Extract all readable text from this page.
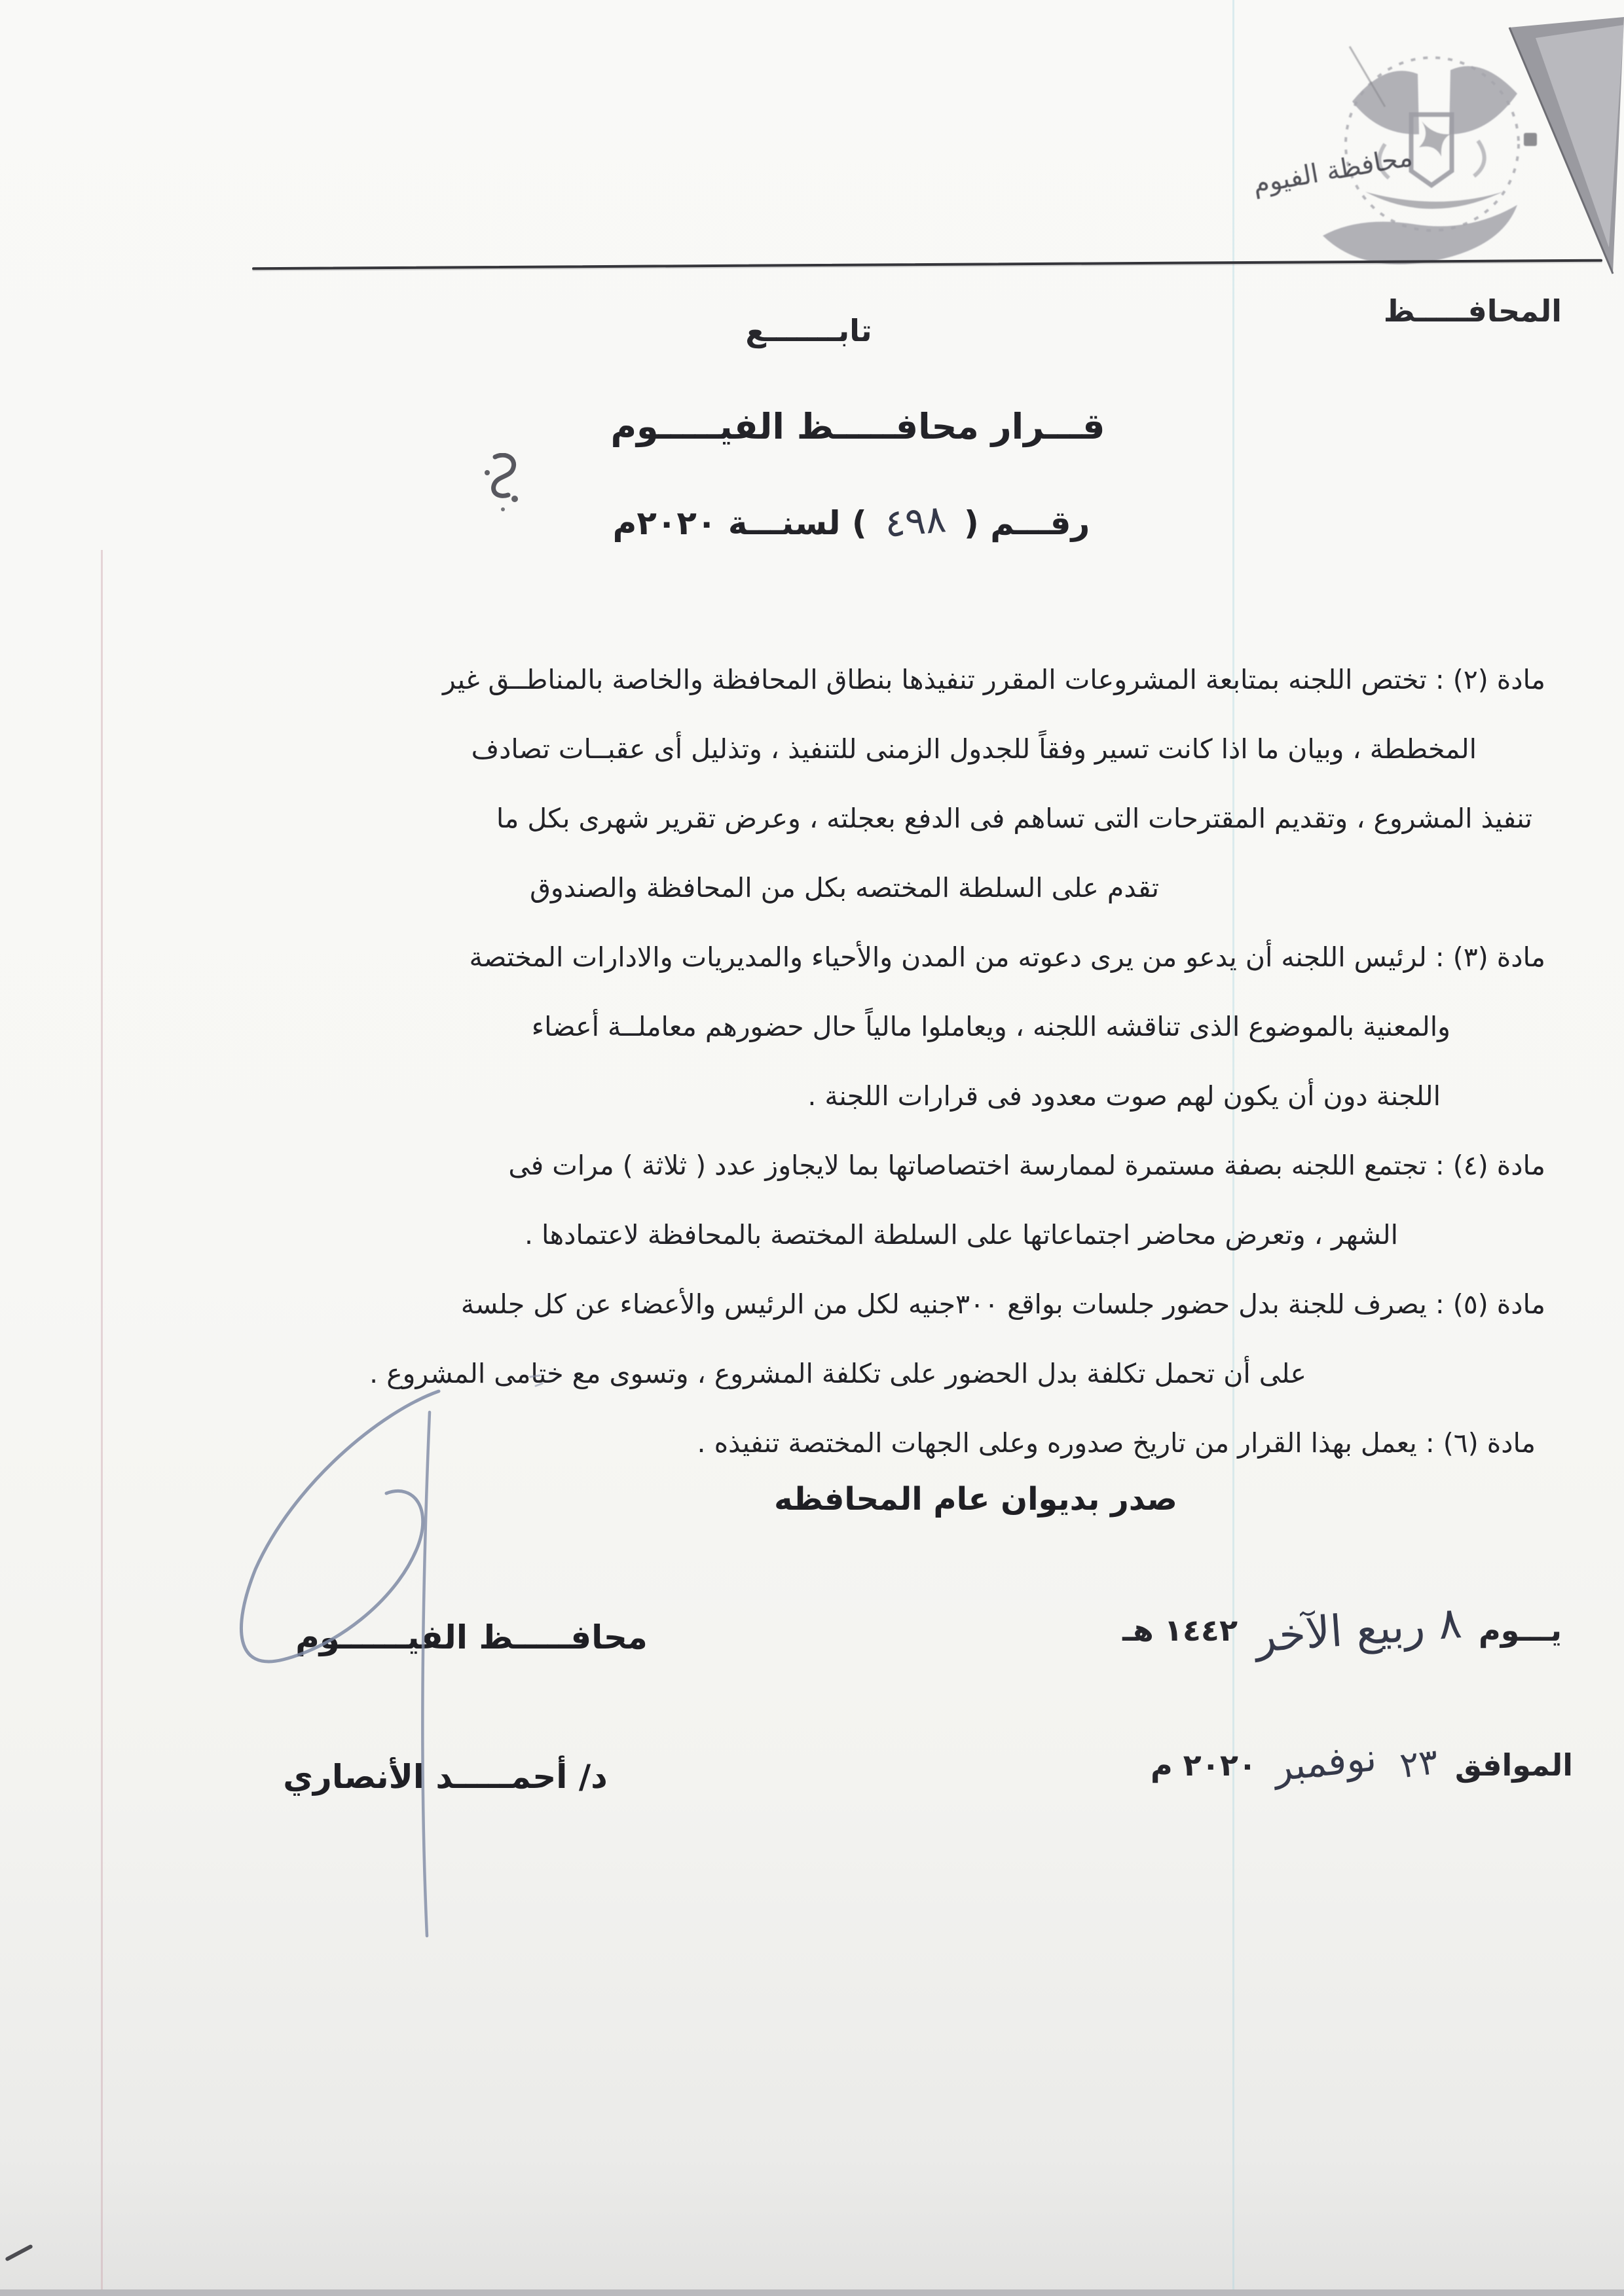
محافظة الفيوم
المحافـــــظ
تابـــــــع
قـــرار محافـــــظ الفيـــــوم
رقـــم ( ٤٩٨ ) لسنـــة ٢٠٢٠م
مادة (٢) : تختص اللجنه بمتابعة المشروعات المقرر تنفيذها بنطاق المحافظة والخاصة بالمناطــق غير
المخططة ، وبيان ما اذا كانت تسير وفقاً للجدول الزمنى للتنفيذ ، وتذليل أى عقبــات تصادف
تنفيذ المشروع ، وتقديم المقترحات التى تساهم فى الدفع بعجلته ، وعرض تقرير شهرى بكل ما
تقدم على السلطة المختصه بكل من المحافظة والصندوق
مادة (٣) : لرئيس اللجنه أن يدعو من يرى دعوته من المدن والأحياء والمديريات والادارات المختصة
والمعنية بالموضوع الذى تناقشه اللجنه ، ويعاملوا مالياً حال حضورهم معاملــة أعضاء
اللجنة دون أن يكون لهم صوت معدود فى قرارات اللجنة .
مادة (٤) : تجتمع اللجنه بصفة مستمرة لممارسة اختصاصاتها بما لايجاوز عدد ( ثلاثة ) مرات فى
الشهر ، وتعرض محاضر اجتماعاتها على السلطة المختصة بالمحافظة لاعتمادها .
مادة (٥) : يصرف للجنة بدل حضور جلسات بواقع ٣٠٠جنيه لكل من الرئيس والأعضاء عن كل جلسة
على أن تحمل تكلفة بدل الحضور على تكلفة المشروع ، وتسوى مع ختامى المشروع .
مادة (٦) : يعمل بهذا القرار من تاريخ صدوره وعلى الجهات المختصة تنفيذه .
صدر بديوان عام المحافظه
يـــوم ٨ ربيع الآخر ١٤٤٢ هـ
الموافق ٢٣ نوفمبر ٢٠٢٠ م
محافـــــظ الفيــــــوم
د/ أحمـــــد الأنصاري
